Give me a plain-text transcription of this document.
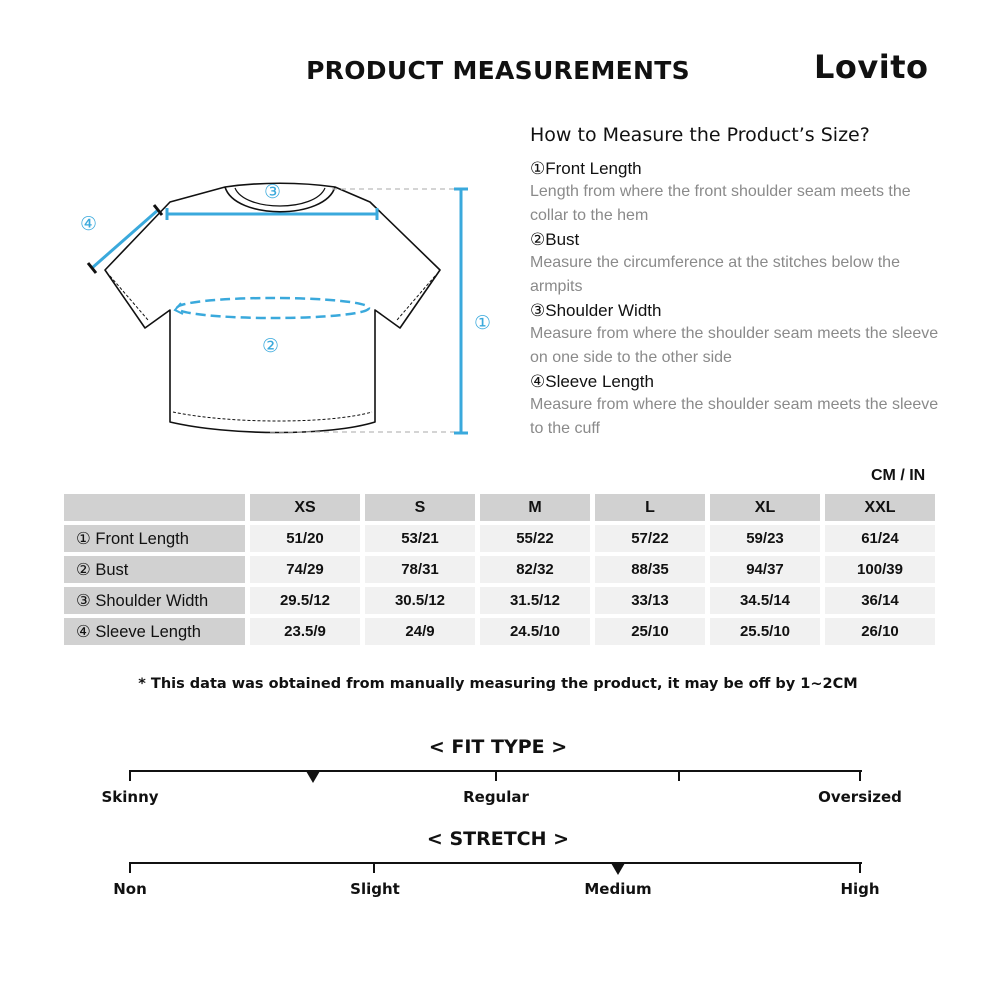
PRODUCT MEASUREMENTS	Lovito
①
②
③
④
How to Measure the Product’s Size?
①Front Length
Length from where the front shoulder seam meets the collar to the hem
②Bust
Measure the circumference at the stitches below the armpits
③Shoulder Width
Measure from where the shoulder seam meets the sleeve on one side to the other side
④Sleeve Length
Measure from where the shoulder seam meets the sleeve to the cuff
CM / IN
	XS	S	M	L	XL	XXL
① Front Length	51/20	53/21	55/22	57/22	59/23	61/24
② Bust	74/29	78/31	82/32	88/35	94/37	100/39
③ Shoulder Width	29.5/12	30.5/12	31.5/12	33/13	34.5/14	36/14
④ Sleeve Length	23.5/9	24/9	24.5/10	25/10	25.5/10	26/10
* This data was obtained from manually measuring the product, it may be off by 1~2CM
< FIT TYPE >
Skinny	Regular	Oversized
< STRETCH >
Non	Slight	Medium	High
